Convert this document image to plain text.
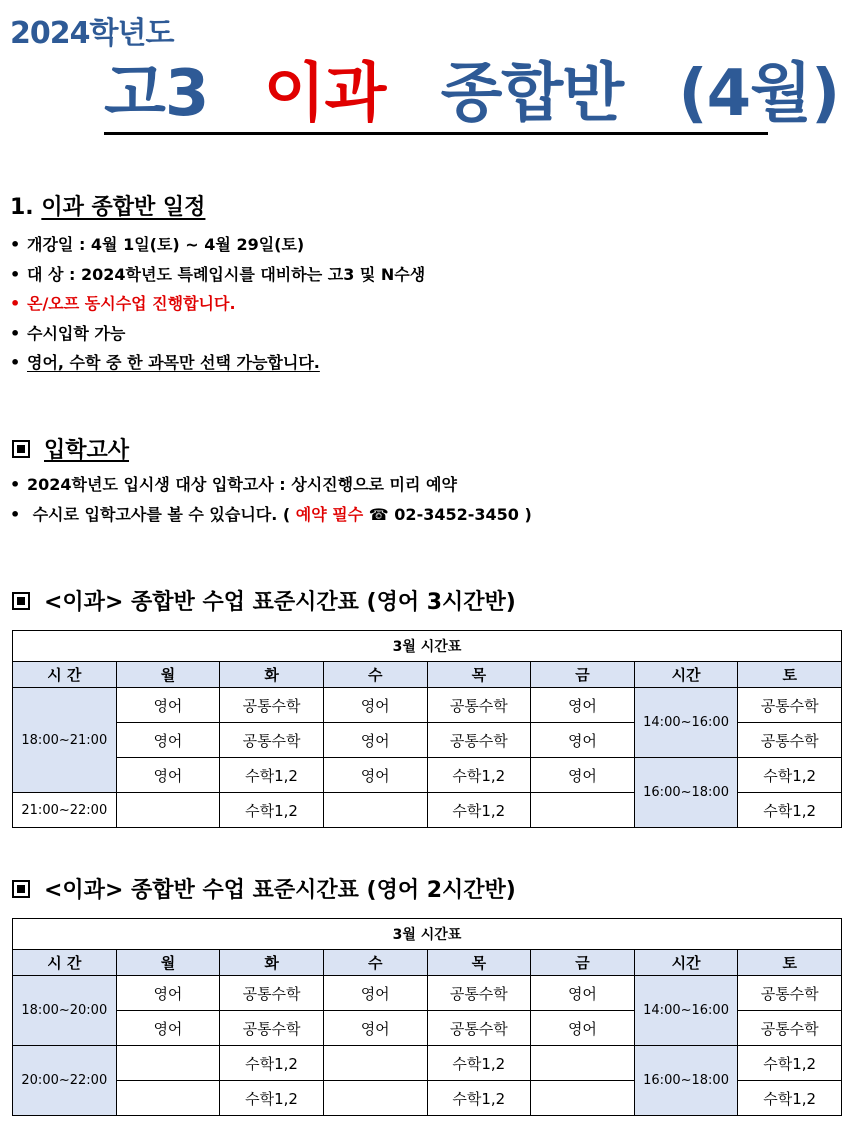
2024학년도
고3 이과 종합반 (4월)
1. 이과 종합반 일정
• 개강일 : 4월 1일(토) ~ 4월 29일(토)
• 대 상 : 2024학년도 특례입시를 대비하는 고3 및 N수생
• 온/오프 동시수업 진행합니다.
• 수시입학 가능
• 영어, 수학 중 한 과목만 선택 가능합니다.
입학고사
• 2024학년도 입시생 대상 입학고사 : 상시진행으로 미리 예약
• 수시로 입학고사를 볼 수 있습니다. ( 예약 필수 ☎ 02-3452-3450 )
<이과> 종합반 수업 표준시간표 (영어 3시간반)
3월 시간표							
시 간	월	화	수	목	금	시간	토
18:00~21:00	영어	공통수학	영어	공통수학	영어	14:00~16:00	공통수학
	영어	공통수학	영어	공통수학	영어		공통수학
	영어	수학1,2	영어	수학1,2	영어	16:00~18:00	수학1,2
21:00~22:00		수학1,2		수학1,2			수학1,2
<이과> 종합반 수업 표준시간표 (영어 2시간반)
3월 시간표							
시 간	월	화	수	목	금	시간	토
18:00~20:00	영어	공통수학	영어	공통수학	영어	14:00~16:00	공통수학
	영어	공통수학	영어	공통수학	영어		공통수학
20:00~22:00		수학1,2		수학1,2		16:00~18:00	수학1,2
		수학1,2		수학1,2			수학1,2
